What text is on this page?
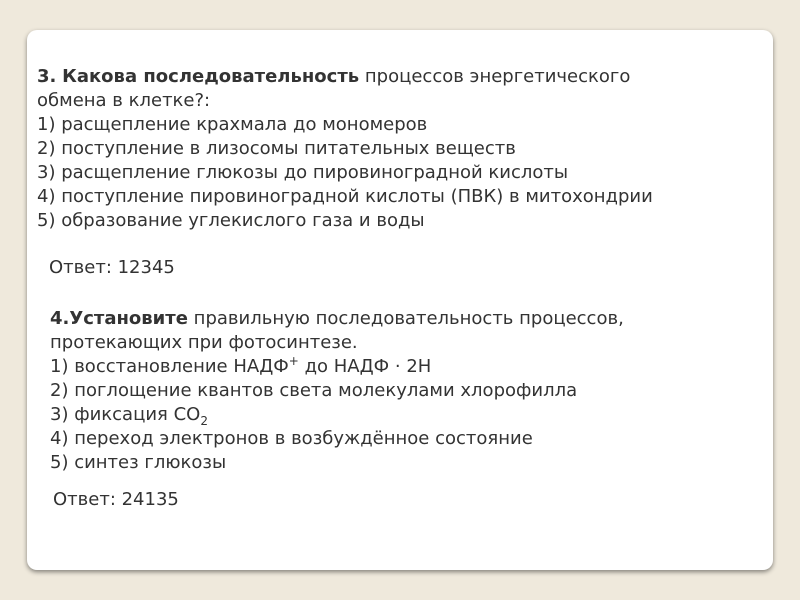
3. Какова последовательность процессов энергетического
обмена в клетке?:
1) расщепление крахмала до мономеров
2) поступление в лизосомы питательных веществ
3) расщепление глюкозы до пировиноградной кислоты
4) поступление пировиноградной кислоты (ПВК) в митохондрии
5) образование углекислого газа и воды
Ответ: 12345
4.Установите правильную последовательность процессов,
протекающих при фотосинтезе.
1) восстановление НАДФ+ до НАДФ · 2Н
2) поглощение квантов света молекулами хлорофилла
3) фиксация $СО_2$
4) переход электронов в возбуждённое состояние
5) синтез глюкозы
Ответ: 24135
